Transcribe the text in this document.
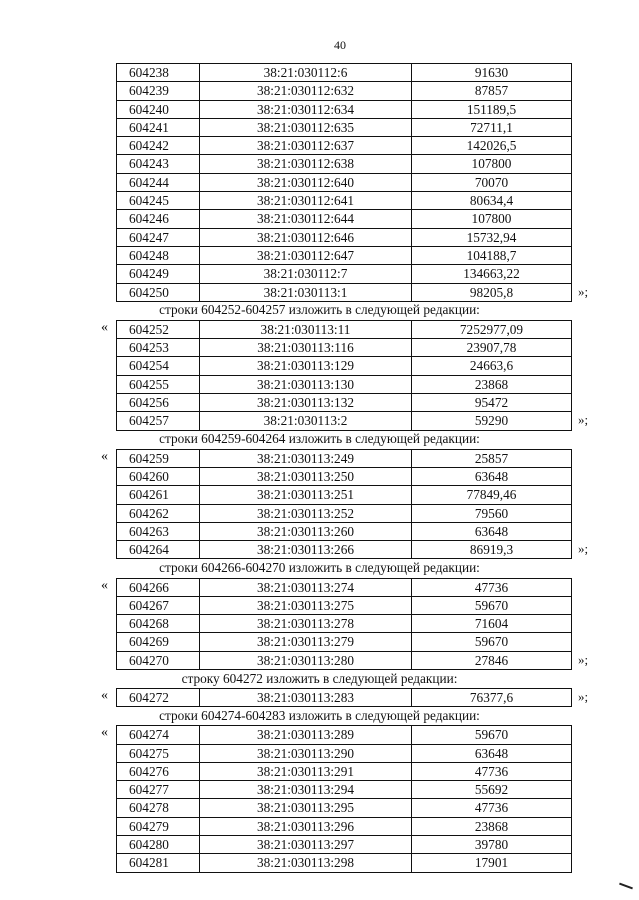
40
604238	38:21:030112:6	91630
604239	38:21:030112:632	87857
604240	38:21:030112:634	151189,5
604241	38:21:030112:635	72711,1
604242	38:21:030112:637	142026,5
604243	38:21:030112:638	107800
604244	38:21:030112:640	70070
604245	38:21:030112:641	80634,4
604246	38:21:030112:644	107800
604247	38:21:030112:646	15732,94
604248	38:21:030112:647	104188,7
604249	38:21:030112:7	134663,22
604250	38:21:030113:1	98205,8	»;
строки 604252-604257 изложить в следующей редакции:
604252	38:21:030113:11	7252977,09
604253	38:21:030113:116	23907,78
604254	38:21:030113:129	24663,6
604255	38:21:030113:130	23868
604256	38:21:030113:132	95472
604257	38:21:030113:2	59290
«
»;
строки 604259-604264 изложить в следующей редакции:
604259	38:21:030113:249	25857
604260	38:21:030113:250	63648
604261	38:21:030113:251	77849,46
604262	38:21:030113:252	79560
604263	38:21:030113:260	63648
604264	38:21:030113:266	86919,3
«
»;
строки 604266-604270 изложить в следующей редакции:
604266	38:21:030113:274	47736
604267	38:21:030113:275	59670
604268	38:21:030113:278	71604
604269	38:21:030113:279	59670
604270	38:21:030113:280	27846
«
»;
строку 604272 изложить в следующей редакции:
604272	38:21:030113:283	76377,6
«	»;
строки 604274-604283 изложить в следующей редакции:
604274	38:21:030113:289	59670
604275	38:21:030113:290	63648
604276	38:21:030113:291	47736
604277	38:21:030113:294	55692
604278	38:21:030113:295	47736
604279	38:21:030113:296	23868
604280	38:21:030113:297	39780
604281	38:21:030113:298	17901
«
